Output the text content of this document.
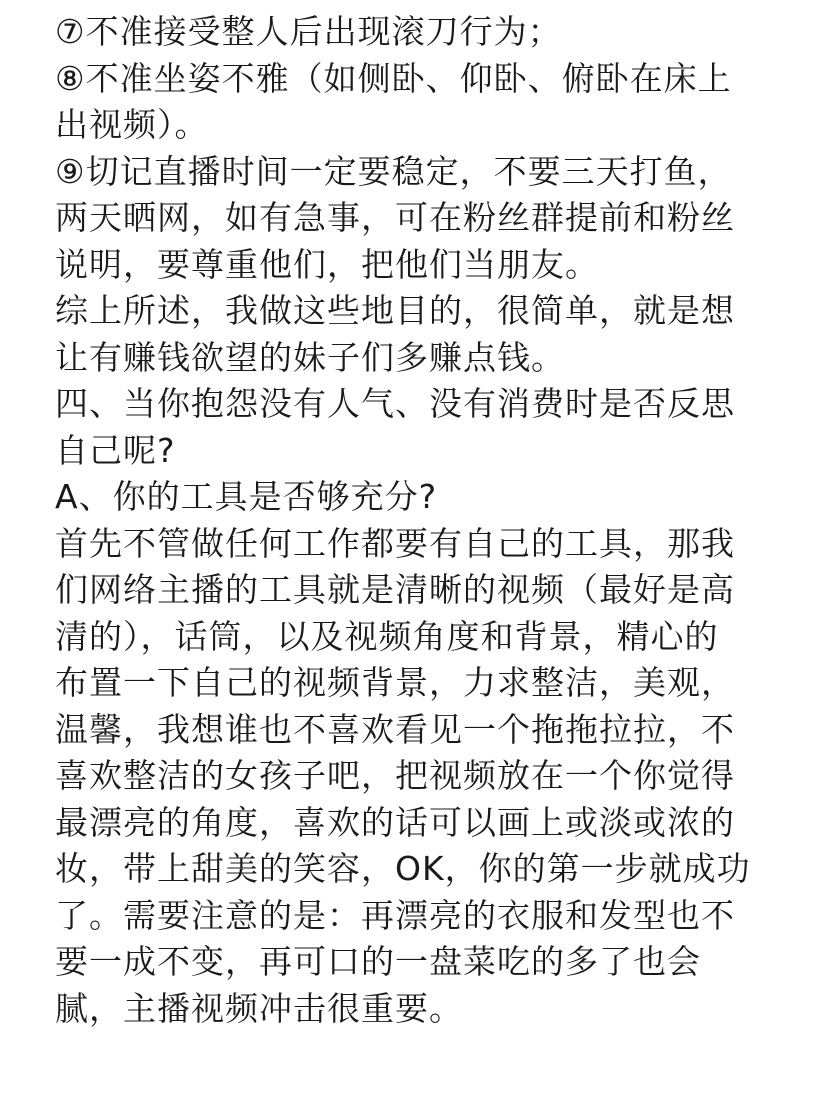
⑦不准接受整人后出现滚刀行为；
⑧不准坐姿不雅（如侧卧、仰卧、俯卧在床上
出视频）。
⑨切记直播时间一定要稳定，不要三天打鱼，
两天晒网，如有急事，可在粉丝群提前和粉丝
说明，要尊重他们，把他们当朋友。
综上所述，我做这些地目的，很简单，就是想
让有赚钱欲望的妹子们多赚点钱。
四、当你抱怨没有人气、没有消费时是否反思
自己呢?
A、你的工具是否够充分?
首先不管做任何工作都要有自己的工具，那我
们网络主播的工具就是清晰的视频（最好是高
清的），话筒，以及视频角度和背景，精心的
布置一下自己的视频背景，力求整洁，美观，
温馨，我想谁也不喜欢看见一个拖拖拉拉，不
喜欢整洁的女孩子吧，把视频放在一个你觉得
最漂亮的角度，喜欢的话可以画上或淡或浓的
妆，带上甜美的笑容，OK，你的第一步就成功
了。需要注意的是：再漂亮的衣服和发型也不
要一成不变，再可口的一盘菜吃的多了也会
腻，主播视频冲击很重要。
